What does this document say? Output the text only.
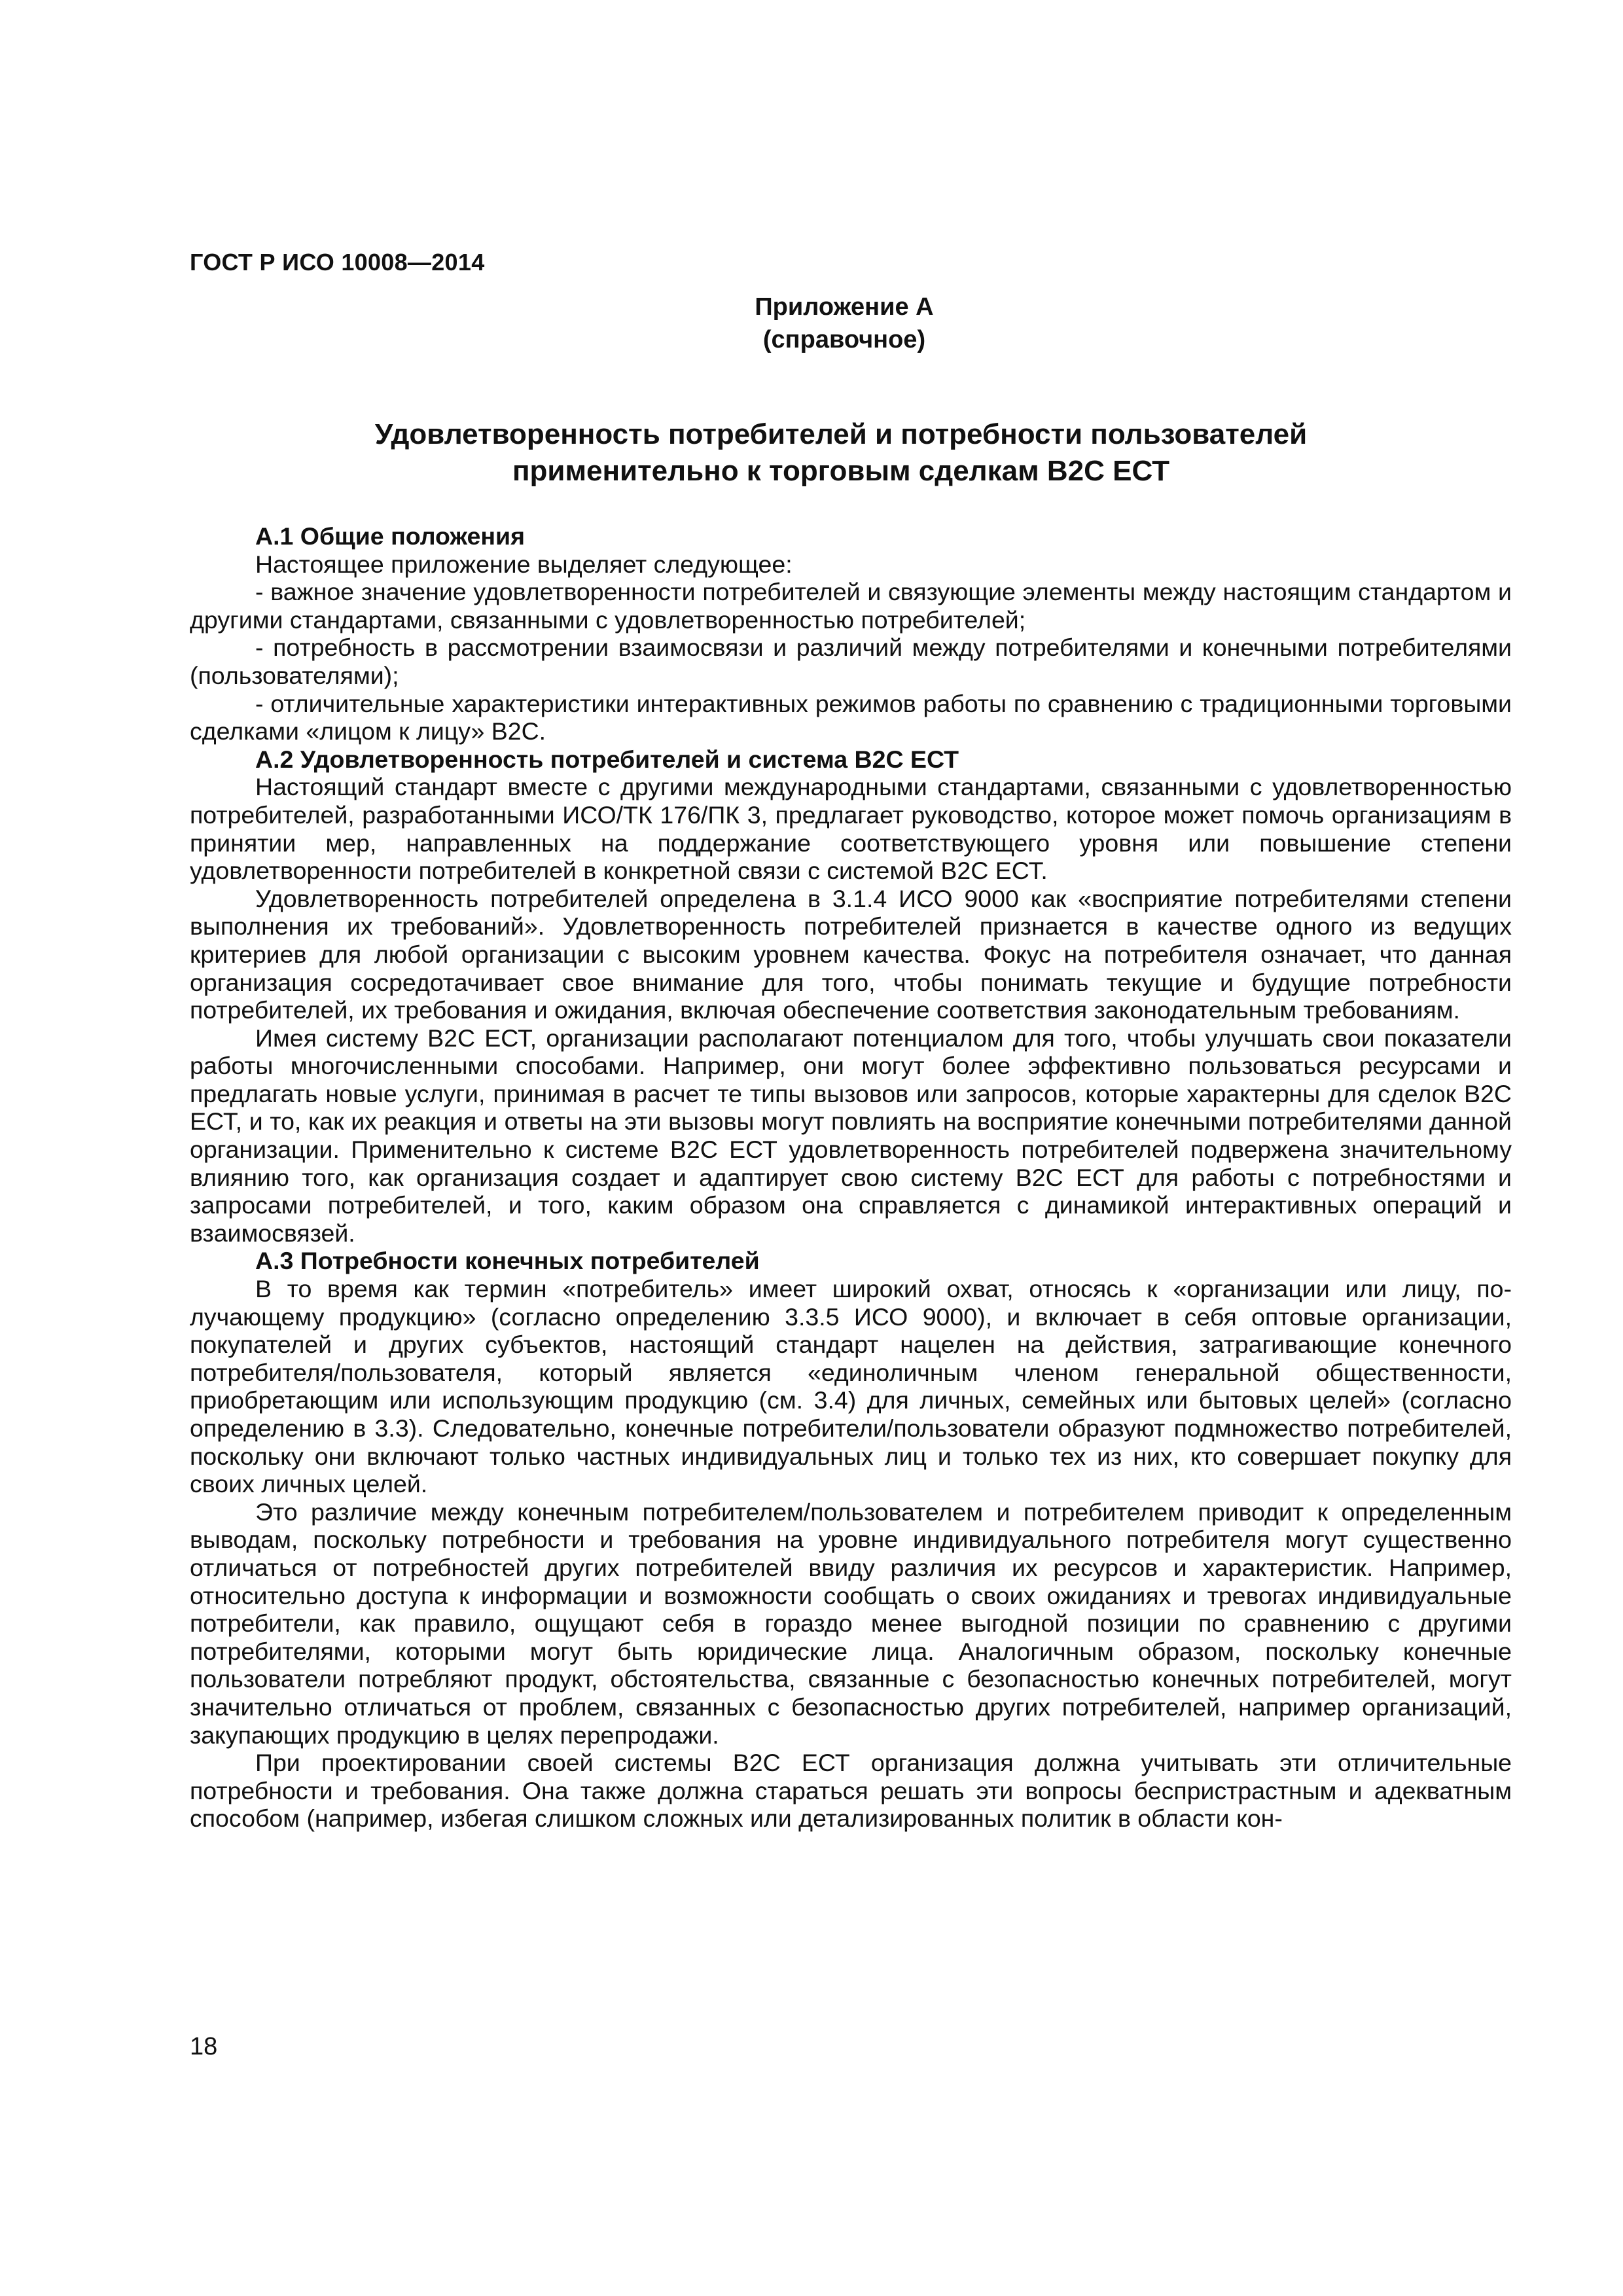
ГОСТ Р ИСО 10008—2014
Приложение А
(справочное)
Удовлетворенность потребителей и потребности пользователей
применительно к торговым сделкам В2С ЕСТ
А.1 Общие положения

Настоящее приложение выделяет следующее:

- важное значение удовлетворенности потребителей и связующие элементы между настоящим стандартом и другими стандартами, связанными с удовлетворенностью потребителей;

- потребность в рассмотрении взаимосвязи и различий между потребителями и конечными потребителями (пользователями);

- отличительные характеристики интерактивных режимов работы по сравнению с традиционными торговыми сделками «лицом к лицу» В2С.

А.2 Удовлетворенность потребителей и система В2С ЕСТ

Настоящий стандарт вместе с другими международными стандартами, связанными с удовлетворенностью потребителей, разработанными ИСО/ТК 176/ПК 3, предлагает руководство, которое может помочь организациям в принятии мер, направленных на поддержание соответствующего уровня или повышение степени удовлетворенности потребителей в конкретной связи с системой В2С ЕСТ.

Удовлетворенность потребителей определена в 3.1.4 ИСО 9000 как «восприятие потребителями степени выполнения их требований». Удовлетворенность потребителей признается в качестве одного из ведущих критериев для любой организации с высоким уровнем качества. Фокус на потребителя означает, что данная организация сосредотачивает свое внимание для того, чтобы понимать текущие и будущие потребности потребителей, их требования и ожидания, включая обеспечение соответствия законодательным требованиям.

Имея систему В2С ЕСТ, организации располагают потенциалом для того, чтобы улучшать свои показатели работы многочисленными способами. Например, они могут более эффективно пользоваться ресурсами и предлагать новые услуги, принимая в расчет те типы вызовов или запросов, которые характерны для сделок В2С ЕСТ, и то, как их реакция и ответы на эти вызовы могут повлиять на восприятие конечными потребителями данной организации. Применительно к системе В2С ЕСТ удовлетворенность потребителей подвержена значительному влиянию того, как организация создает и адаптирует свою систему В2С ЕСТ для работы с потребностями и запросами потребителей, и того, каким образом она справляется с динамикой интерактивных операций и взаимосвязей.

А.3 Потребности конечных потребителей

В то время как термин «потребитель» имеет широкий охват, относясь к «организации или лицу, получающему продукцию» (согласно определению 3.3.5 ИСО 9000), и включает в себя оптовые организации, покупателей и других субъектов, настоящий стандарт нацелен на действия, затрагивающие конечного потребителя/пользователя, который является «единоличным членом генеральной общественности, приобретающим или использующим продукцию (см. 3.4) для личных, семейных или бытовых целей» (согласно определению в 3.3). Следовательно, конечные потребители/пользователи образуют подмножество потребителей, поскольку они включают только частных индивидуальных лиц и только тех из них, кто совершает покупку для своих личных целей.

Это различие между конечным потребителем/пользователем и потребителем приводит к определенным выводам, поскольку потребности и требования на уровне индивидуального потребителя могут существенно отличаться от потребностей других потребителей ввиду различия их ресурсов и характеристик. Например, относительно доступа к информации и возможности сообщать о своих ожиданиях и тревогах индивидуальные потребители, как правило, ощущают себя в гораздо менее выгодной позиции по сравнению с другими потребителями, которыми могут быть юридические лица. Аналогичным образом, поскольку конечные пользователи потребляют продукт, обстоятельства, связанные с безопасностью конечных потребителей, могут значительно отличаться от проблем, связанных с безопасностью других потребителей, например организаций, закупающих продукцию в целях перепродажи.

При проектировании своей системы В2С ЕСТ организация должна учитывать эти отличительные потребности и требования. Она также должна стараться решать эти вопросы беспристрастным и адекватным способом (например, избегая слишком сложных или детализированных политик в области кон-

18
